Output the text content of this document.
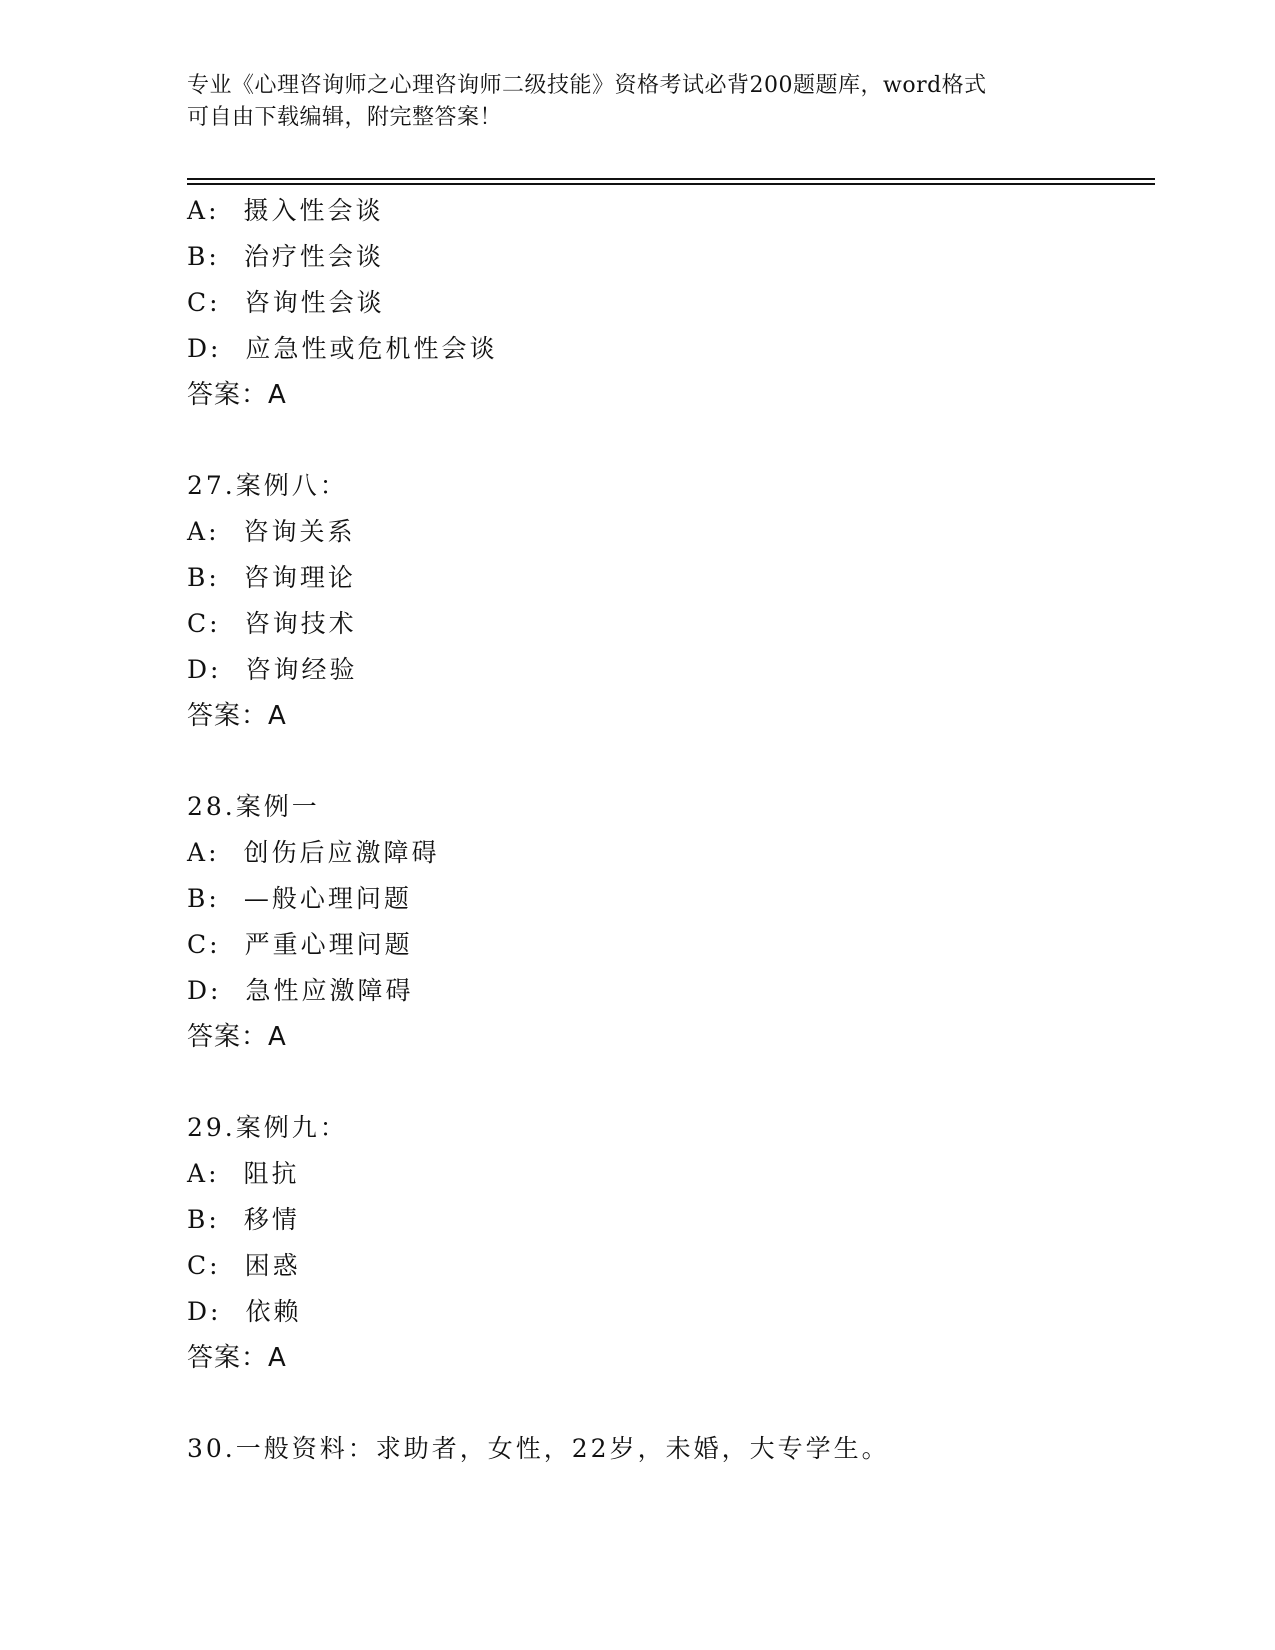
专业《心理咨询师之心理咨询师二级技能》资格考试必背200题题库，word格式
可自由下载编辑，附完整答案！
A: 摄入性会谈
B: 治疗性会谈
C: 咨询性会谈
D: 应急性或危机性会谈
答案：A
27.案例八：
A: 咨询关系
B: 咨询理论
C: 咨询技术
D: 咨询经验
答案：A
28.案例一
A: 创伤后应激障碍
B: —般心理问题
C: 严重心理问题
D: 急性应激障碍
答案：A
29.案例九：
A: 阻抗
B: 移情
C: 困惑
D: 依赖
答案：A
30.一般资料：求助者，女性，22岁，未婚，大专学生。
